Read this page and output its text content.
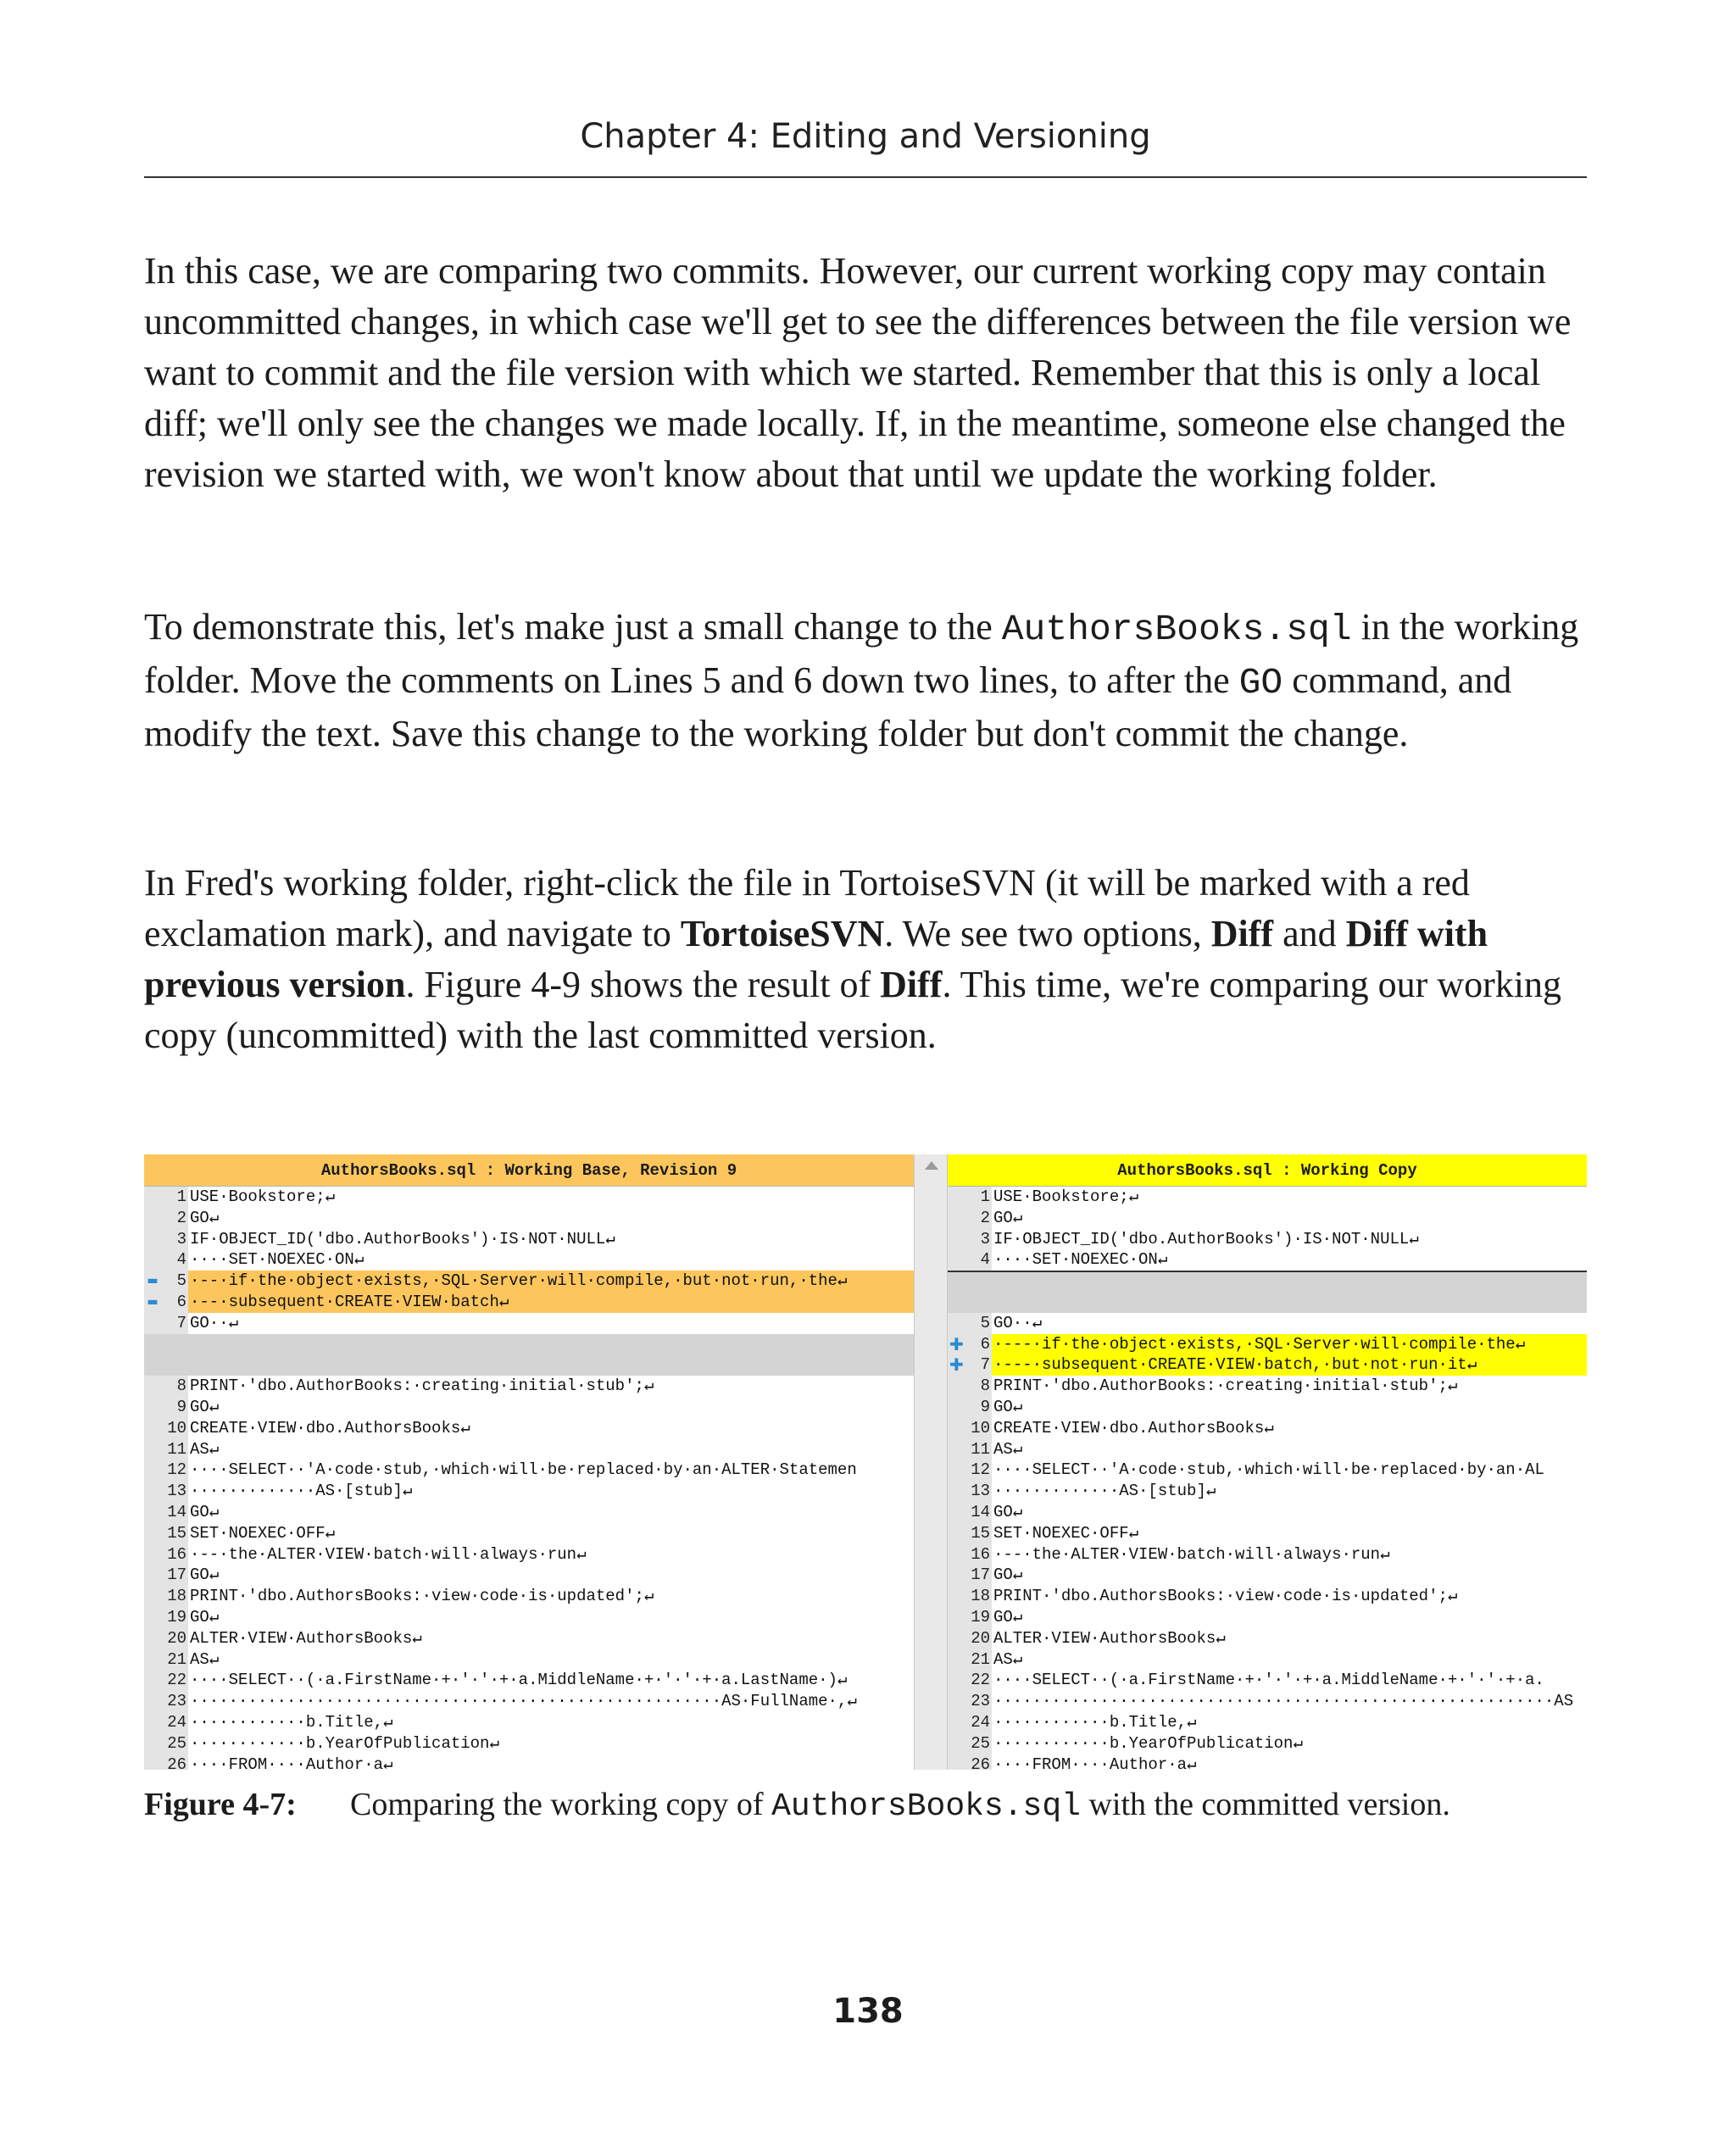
Chapter 4: Editing and Versioning

In this case, we are comparing two commits. However, our current working copy may contain uncommitted changes, in which case we'll get to see the differences between the file version we want to commit and the file version with which we started. Remember that this is only a local diff; we'll only see the changes we made locally. If, in the meantime, someone else changed the revision we started with, we won't know about that until we update the working folder.

To demonstrate this, let's make just a small change to the AuthorsBooks.sql in the working folder. Move the comments on Lines 5 and 6 down two lines, to after the GO command, and modify the text. Save this change to the working folder but don't commit the change.

In Fred's working folder, right-click the file in TortoiseSVN (it will be marked with a red exclamation mark), and navigate to TortoiseSVN. We see two options, Diff and Diff with previous version. Figure 4-9 shows the result of Diff. This time, we're comparing our working copy (uncommitted) with the last committed version.

AuthorsBooks.sql : Working Base, Revision 9
1 USE·Bookstore;↵
2 GO↵
3 IF·OBJECT_ID('dbo.AuthorBooks')·IS·NOT·NULL↵
4 ····SET·NOEXEC·ON↵
▬	5 ·--·if·the·object·exists,·SQL·Server·will·compile,·but·not·run,·the↵
▬	6 ·--·subsequent·CREATE·VIEW·batch↵
7 GO··↵
8 PRINT·'dbo.AuthorBooks:·creating·initial·stub';↵
9 GO↵
10 CREATE·VIEW·dbo.AuthorsBooks↵
11 AS↵
12 ····SELECT··'A·code·stub,·which·will·be·replaced·by·an·ALTER·Statemen
13 ·············AS·[stub]↵
14 GO↵
15 SET·NOEXEC·OFF↵
16 ·--·the·ALTER·VIEW·batch·will·always·run↵
17 GO↵
18 PRINT·'dbo.AuthorsBooks:·view·code·is·updated';↵
19 GO↵
20 ALTER·VIEW·AuthorsBooks↵
21 AS↵
22 ····SELECT··(·a.FirstName·+·'·'·+·a.MiddleName·+·'·'·+·a.LastName·)↵
23 ·······················································AS·FullName·,↵
24 ············b.Title,↵
25 ············b.YearOfPublication↵
26 ····FROM····Author·a↵
AuthorsBooks.sql : Working Copy
1 USE·Bookstore;↵
2 GO↵
3 IF·OBJECT_ID('dbo.AuthorBooks')·IS·NOT·NULL↵
4 ····SET·NOEXEC·ON↵
5 GO··↵
✚	6 ·---·if·the·object·exists,·SQL·Server·will·compile·the↵
✚	7 ·---·subsequent·CREATE·VIEW·batch,·but·not·run·it↵
8 PRINT·'dbo.AuthorBooks:·creating·initial·stub';↵
9 GO↵
10 CREATE·VIEW·dbo.AuthorsBooks↵
11 AS↵
12 ····SELECT··'A·code·stub,·which·will·be·replaced·by·an·AL
13 ·············AS·[stub]↵
14 GO↵
15 SET·NOEXEC·OFF↵
16 ·--·the·ALTER·VIEW·batch·will·always·run↵
17 GO↵
18 PRINT·'dbo.AuthorsBooks:·view·code·is·updated';↵
19 GO↵
20 ALTER·VIEW·AuthorsBooks↵
21 AS↵
22 ····SELECT··(·a.FirstName·+·'·'·+·a.MiddleName·+·'·'·+·a.
23 ··························································AS
24 ············b.Title,↵
25 ············b.YearOfPublication↵
26 ····FROM····Author·a↵
Figure 4-7: Comparing the working copy of AuthorsBooks.sql with the committed version.
138
